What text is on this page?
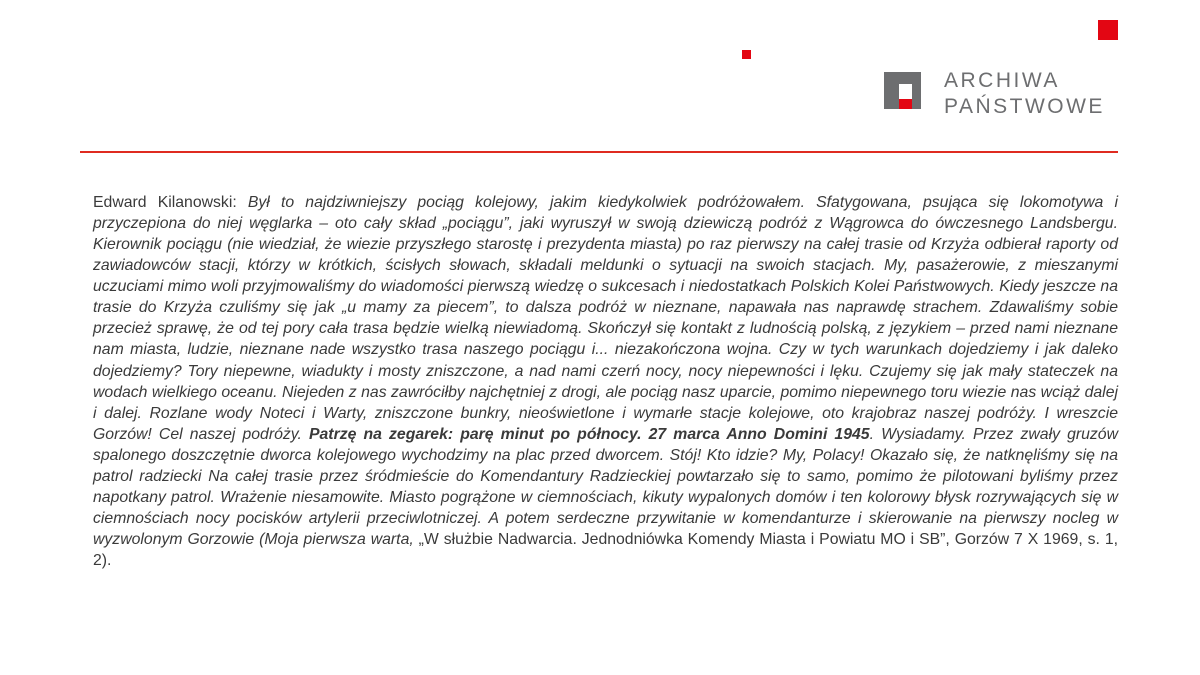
ARCHIWA
PAŃSTWOWE

Edward Kilanowski: Był to najdziwniejszy pociąg kolejowy, jakim kiedykolwiek podróżowałem. Sfatygowana, psująca się lokomotywa i przyczepiona do niej węglarka – oto cały skład „pociągu”, jaki wyruszył w swoją dziewiczą podróż z Wągrowca do ówczesnego Landsbergu. Kierownik pociągu (nie wiedział, że wiezie przyszłego starostę i prezydenta miasta) po raz pierwszy na całej trasie od Krzyża odbierał raporty od zawiadowców stacji, którzy w krótkich, ścisłych słowach, składali meldunki o sytuacji na swoich stacjach. My, pasażerowie, z mieszanymi uczuciami mimo woli przyjmowaliśmy do wiadomości pierwszą wiedzę o sukcesach i niedostatkach Polskich Kolei Państwowych. Kiedy jeszcze na trasie do Krzyża czuliśmy się jak „u mamy za piecem”, to dalsza podróż w nieznane, napawała nas naprawdę strachem. Zdawaliśmy sobie przecież sprawę, że od tej pory cała trasa będzie wielką niewiadomą. Skończył się kontakt z ludnością polską, z językiem – przed nami nieznane nam miasta, ludzie, nieznane nade wszystko trasa naszego pociągu i... niezakończona wojna. Czy w tych warunkach dojedziemy i jak daleko dojedziemy? Tory niepewne, wiadukty i mosty zniszczone, a nad nami czerń nocy, nocy niepewności i lęku. Czujemy się jak mały stateczek na wodach wielkiego oceanu. Niejeden z nas zawróciłby najchętniej z drogi, ale pociąg nasz uparcie, pomimo niepewnego toru wiezie nas wciąż dalej i dalej. Rozlane wody Noteci i Warty, zniszczone bunkry, nieoświetlone i wymarłe stacje kolejowe, oto krajobraz naszej podróży. I wreszcie Gorzów! Cel naszej podróży. Patrzę na zegarek: parę minut po północy. 27 marca Anno Domini 1945. Wysiadamy. Przez zwały gruzów spalonego doszczętnie dworca kolejowego wychodzimy na plac przed dworcem. Stój! Kto idzie? My, Polacy! Okazało się, że natknęliśmy się na patrol radziecki Na całej trasie przez śródmieście do Komendantury Radzieckiej powtarzało się to samo, pomimo że pilotowani byliśmy przez napotkany patrol. Wrażenie niesamowite. Miasto pogrążone w ciemnościach, kikuty wypalonych domów i ten kolorowy błysk rozrywających się w ciemnościach nocy pocisków artylerii przeciwlotniczej. A potem serdeczne przywitanie w komendanturze i skierowanie na pierwszy nocleg w wyzwolonym Gorzowie (Moja pierwsza warta, „W służbie Nadwarcia. Jednodniówka Komendy Miasta i Powiatu MO i SB”, Gorzów 7 X 1969, s. 1, 2).
